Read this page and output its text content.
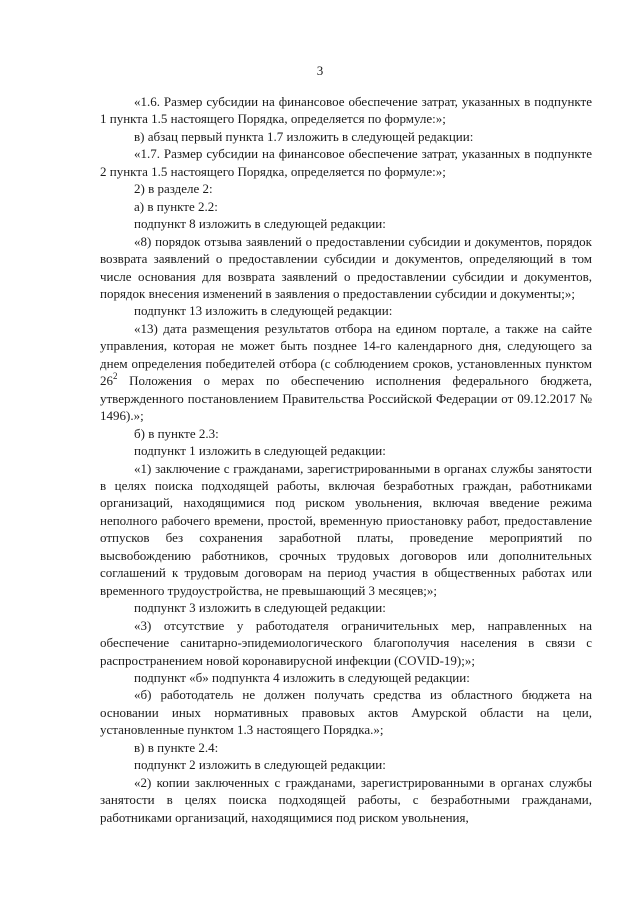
3

«1.6. Размер субсидии на финансовое обеспечение затрат, указанных в подпункте 1 пункта 1.5 настоящего Порядка, определяется по формуле:»;

в) абзац первый пункта 1.7 изложить в следующей редакции:

«1.7. Размер субсидии на финансовое обеспечение затрат, указанных в подпункте 2 пункта 1.5 настоящего Порядка, определяется по формуле:»;

2) в разделе 2:

а) в пункте 2.2:

подпункт 8 изложить в следующей редакции:

«8) порядок отзыва заявлений о предоставлении субсидии и документов, порядок возврата заявлений о предоставлении субсидии и документов, определяющий в том числе основания для возврата заявлений о предоставлении субсидии и документов, порядок внесения изменений в заявления о предоставлении субсидии и документы;»;

подпункт 13 изложить в следующей редакции:

«13) дата размещения результатов отбора на едином портале, а также на сайте управления, которая не может быть позднее 14-го календарного дня, следующего за днем определения победителей отбора (с соблюдением сроков, установленных пунктом $26^2$ Положения о мерах по обеспечению исполнения федерального бюджета, утвержденного постановлением Правительства Российской Федерации от 09.12.2017 № 1496).»;

б) в пункте 2.3:

подпункт 1 изложить в следующей редакции:

«1) заключение с гражданами, зарегистрированными в органах службы занятости в целях поиска подходящей работы, включая безработных граждан, работниками организаций, находящимися под риском увольнения, включая введение режима неполного рабочего времени, простой, временную приостановку работ, предоставление отпусков без сохранения заработной платы, проведение мероприятий по высвобождению работников, срочных трудовых договоров или дополнительных соглашений к трудовым договорам на период участия в общественных работах или временного трудоустройства, не превышающий 3 месяцев;»;

подпункт 3 изложить в следующей редакции:

«3) отсутствие у работодателя ограничительных мер, направленных на обеспечение санитарно-эпидемиологического благополучия населения в связи с распространением новой коронавирусной инфекции (COVID-19);»;

подпункт «б» подпункта 4 изложить в следующей редакции:

«б) работодатель не должен получать средства из областного бюджета на основании иных нормативных правовых актов Амурской области на цели, установленные пунктом 1.3 настоящего Порядка.»;

в) в пункте 2.4:

подпункт 2 изложить в следующей редакции:

«2) копии заключенных с гражданами, зарегистрированными в органах службы занятости в целях поиска подходящей работы, с безработными гражданами, работниками организаций, находящимися под риском увольнения,
